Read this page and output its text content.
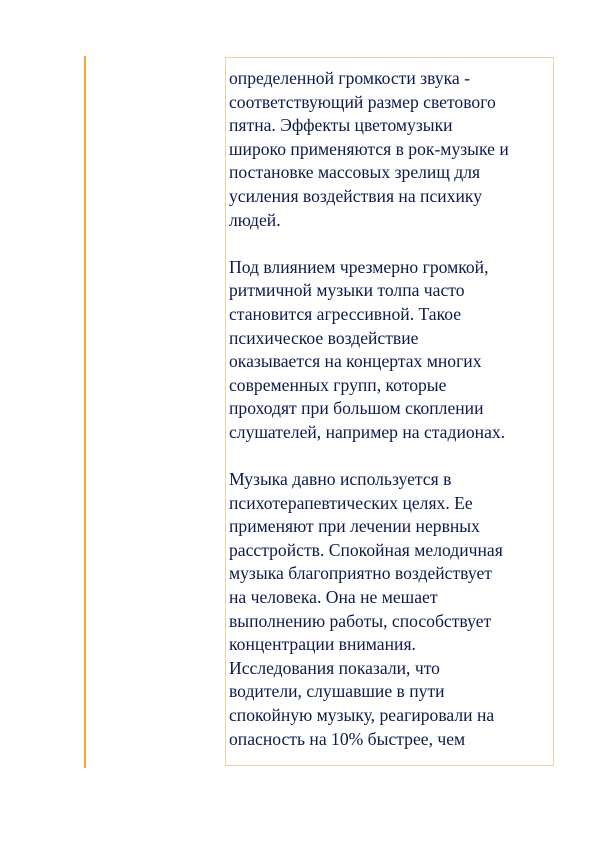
определенной громкости звука -
соответствующий размер светового
пятна. Эффекты цветомузыки
широко применяются в рок-музыке и
постановке массовых зрелищ для
усиления воздействия на психику
людей.

Под влиянием чрезмерно громкой,
ритмичной музыки толпа часто
становится агрессивной. Такое
психическое воздействие
оказывается на концертах многих
современных групп, которые
проходят при большом скоплении
слушателей, например на стадионах.

Музыка давно используется в
психотерапевтических целях. Ее
применяют при лечении нервных
расстройств. Спокойная мелодичная
музыка благоприятно воздействует
на человека. Она не мешает
выполнению работы, способствует
концентрации внимания.
Исследования показали, что
водители, слушавшие в пути
спокойную музыку, реагировали на
опасность на 10% быстрее, чем
